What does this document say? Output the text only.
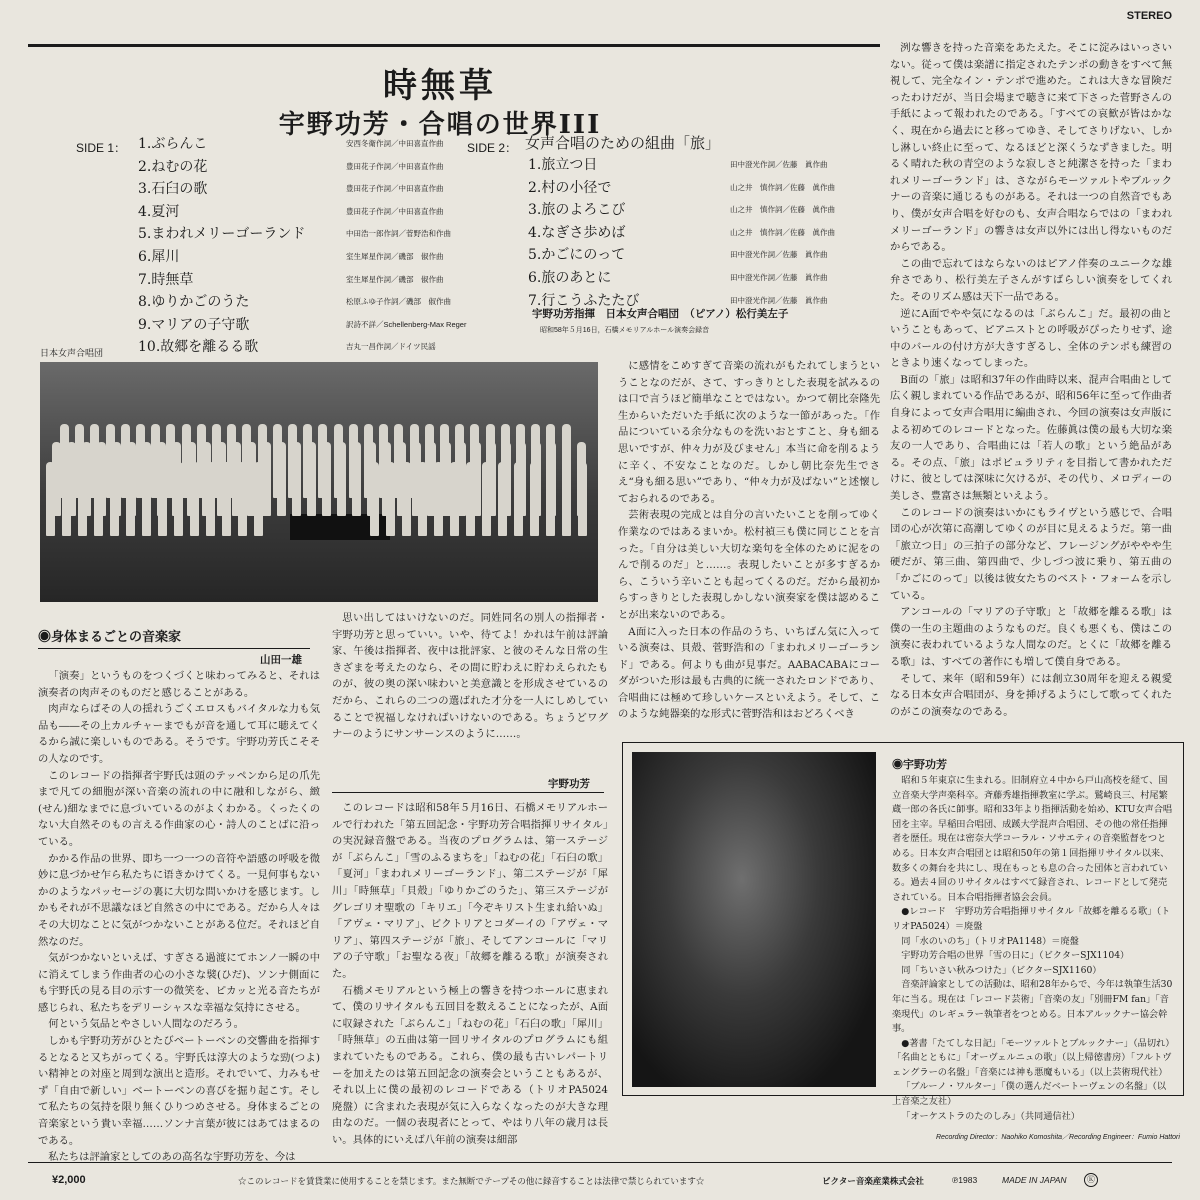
STEREO
時無草
宇野功芳・合唱の世界III
SIDE 1： 1.ぶらんこ	安西冬衛作詞／中田喜直作曲
2.ねむの花	豊田花子作詞／中田喜直作曲
3.石臼の歌	豊田花子作詞／中田喜直作曲
4.夏河	豊田花子作詞／中田喜直作曲
5.まわれメリーゴーランド	中田浩一郎作詞／菅野浩和作曲
6.犀川	室生犀星作詞／磯部　俶作曲
7.時無草	室生犀星作詞／磯部　俶作曲
8.ゆりかごのうた	松原ふゆ子作詞／磯部　俶作曲
9.マリアの子守歌	訳詩不詳／Schellenberg-Max Reger
10.故郷を離るる歌	吉丸一昌作詞／ドイツ民謡
SIDE 2： 女声合唱のための組曲「旅」
1.旅立つ日	田中澄光作詞／佐藤　眞作曲
2.村の小径で	山之井　慎作詞／佐藤　眞作曲
3.旅のよろこび	山之井　慎作詞／佐藤　眞作曲
4.なぎさ歩めば	山之井　慎作詞／佐藤　眞作曲
5.かごにのって	田中澄光作詞／佐藤　眞作曲
6.旅のあとに	田中澄光作詞／佐藤　眞作曲
7.行こうふたたび	田中澄光作詞／佐藤　眞作曲
宇野功芳指揮　日本女声合唱団　（ピアノ）松行美左子
昭和58年５月16日，石橋メモリアルホール演奏会録音
日本女声合唱団
◉身体まるごとの音楽家
山田一雄

「演奏」というものをつくづくと味わってみると、それは演奏者の肉声そのものだと感じることがある。

肉声ならばその人の揺れうごくエロスもバイタルな力も気品も――その上カルチャーまでもが音を通して耳に聴えてくるから誠に楽しいものである。そうです。宇野功芳氏こそその人なのです。

このレコードの指揮者宇野氏は頭のテッペンから足の爪先まで凡ての細胞が深い音楽の流れの中に融和しながら、緻(せん)細なまでに息づいているのがよくわかる。くったくのない大自然そのもの言える作曲家の心・詩人のことばに沿っている。

かかる作品の世界、即ち一つ一つの音符や語感の呼吸を微妙に息づかせ乍ら私たちに语きかけてくる。一見何事もないかのようなパッセージの裏に大切な問いかけを感じます。しかもそれが不思議なほど自然さの中にである。だから人々はその大切なことに気がつかないことがある位だ。それほど自然なのだ。

気がつかないといえば、すぎさる過渡にてホンノ一瞬の中に消えてしまう作曲者の心の小さな襞(ひだ)、ソンナ側面にも宇野氏の見る目の示す一の微笑を、ピカッと光る音たちが感じられ、私たちをデリーシャスな幸福な気持にさせる。

何という気品とやさしい人間なのだろう。

しかも宇野功芳がひとたびベートーベンの交響曲を指揮するとなると又ちがってくる。宇野氏は淳大のような勁(つよ)い精神との対座と周到な演出と造形。それでいて、力みもせず「自由で新しい」ベートーベンの喜びを掘り起こす。そして私たちの気持を限り無くひりつめさせる。身体まるごとの音楽家という貴い幸福……ソンナ言葉が彼にはあてはまるのである。

私たちは評論家としてのあの高名な宇野功芳を、今は

思い出してはいけないのだ。同姓同名の別人の指揮者・宇野功芳と思っていい。いや、待てよ！かれは午前は評論家、午後は指揮者、夜中は批評家、と彼のそんな日常の生きざまを考えたのなら、その間に貯わえに貯わえられたものが、彼の奥の深い味わいと美意識とを形成させているのだから、これらの二つの選ばれた才分を一人にしめしていることで祝福しなければいけないのである。ちょうどワグナーのようにサンサーンスのように……。

宇野功芳

このレコードは昭和58年５月16日、石橋メモリアルホールで行われた「第五回記念・宇野功芳合唱指揮リサイタル」の実況録音盤である。当夜のプログラムは、第一ステージが「ぶらんこ」「雪のふるまちを」「ねむの花」「石臼の歌」「夏河」「まわれメリーゴーランド」、第二ステージが「犀川」「時無草」「貝殻」「ゆりかごのうた」、第三ステージがグレゴリオ聖歌の「キリエ」「今ぞキリスト生まれ給いぬ」「アヴェ・マリア」、ビクトリアとコダーイの「アヴェ・マリア」、第四ステージが「旅」、そしてアンコールに「マリアの子守歌」「お聖なる夜」「故郷を離るる歌」が演奏された。

石橋メモリアルという極上の響きを持つホールに恵まれて、僕のリサイタルも五回目を数えることになったが、A面に収録された「ぶらんこ」「ねむの花」「石臼の歌」「犀川」「時無草」の五曲は第一回リサイタルのプログラムにも組まれていたものである。これら、僕の最も古いレパートリーを加えたのは第五回記念の演奏会ということもあるが、それ以上に僕の最初のレコードである（トリオPA5024　廃盤）に含まれた表現が気に入らなくなったのが大きな理由なのだ。一個の表現者にとって、やはり八年の歳月は長い。具体的にいえば八年前の演奏は細部

に感情をこめすぎて音楽の流れがもたれてしまうということなのだが、さて、すっきりとした表現を試みるのは口で言うほど簡単なことではない。かつて朝比奈隆先生からいただいた手紙に次のような一節があった。「作品についている余分なものを洗いおとすこと、身も細る思いですが、仲々力が及びません」本当に命を削るように辛く、不安なことなのだ。しかし朝比奈先生でさえ“身も細る思い”であり、“仲々力が及ばない”と述懐しておられるのである。

芸術表現の完成とは自分の言いたいことを削ってゆく作業なのではあるまいか。松村禎三も僕に同じことを言った。「自分は美しい大切な楽句を全体のために泥をのんで削るのだ」と……。表現したいことが多すぎるから、こういう辛いことも起ってくるのだ。だから最初からすっきりとした表現しかしない演奏家を僕は認めることが出来ないのである。

A面に入った日本の作品のうち、いちばん気に入っている演奏は、貝殻、菅野浩和の「まわれメリーゴーランド」である。何よりも曲が見事だ。AABACABAにコーダがついた形は最も古典的に統一されたロンドであり、合唱曲には極めて珍しいケースといえよう。そして、このような純器楽的な形式に菅野浩和はおどろくべき

洌な響きを持った音楽をあたえた。そこに淀みはいっさいない。従って僕は楽譜に指定されたテンポの動きをすべて無視して、完全なイン・テンポで進めた。これは大きな冒険だったわけだが、当日会場まで聴きに来て下さった菅野さんの手紙によって報われたのである。「すべての哀歓が皆はかなく、現在から過去にと移ってゆき、そしてさりげない、しかし淋しい終止に至って、なるほどと深くうなずきました。明るく晴れた秋の青空のような寂しさと純潔さを持った「まわれメリーゴーランド」は、さながらモーツァルトやブルックナーの音楽に通じるものがある。それは一つの自然音でもあり、僕が女声合唱を好むのも、女声合唱ならではの「まわれメリーゴーランド」の響きは女声以外には出し得ないものだからである。

この曲で忘れてはならないのはピアノ伴奏のユニークな雄弁さであり、松行美左子さんがすばらしい演奏をしてくれた。そのリズム感は天下一品である。

逆にA面でやや気になるのは「ぶらんこ」だ。最初の曲ということもあって、ピアニストとの呼吸がぴったりせず、途中のバールの付け方が大きすぎるし、全体のテンポも練習のときより速くなってしまった。

B面の「旅」は昭和37年の作曲時以来、混声合唱曲として広く親しまれている作品であるが、昭和56年に至って作曲者自身によって女声合唱用に編曲され、今回の演奏は女声版による初めてのレコードとなった。佐藤眞は僕の最も大切な楽友の一人であり、合唱曲には「若人の歌」という絶品がある。その点、「旅」はポピュラリティを目指して書かれただけに、彼としては深味に欠けるが、その代り、メロディーの美しさ、豊富さは無類といえよう。

このレコードの演奏はいかにもライヴという感じで、合唱団の心が次第に高潮してゆくのが目に見えるようだ。第一曲「旅立つ日」の三拍子の部分など、フレージングがややや生硬だが、第三曲、第四曲で、少しづつ波に乗り、第五曲の「かごにのって」以後は彼女たちのベスト・フォームを示している。

アンコールの「マリアの子守歌」と「故郷を離るる歌」は僕の一生の主題曲のようなものだ。良くも悪くも、僕はこの演奏に表われているような人間なのだ。とくに「故郷を離るる歌」は、すべての著作にも増して僕自身である。

そして、来年（昭和59年）には創立30周年を迎える親愛なる日本女声合唱団が、身を挿げるようにして歌ってくれたのがこの演奏なのである。

◉宇野功芳

昭和５年東京に生まれる。旧制府立４中から戸山高校を経て、国立音楽大学声楽科卒。斉藤秀雄指揮教室に学ぶ。鷲崎良三、村尾繁蔵一郎の各氏に師事。昭和33年より指揮活動を始め、KTU女声合唱団を主宰。早稲田合唱団、成蹊大学混声合唱団、その他の常任指揮者を歴任。現在は密奈大学コーラル・ソサエティの音楽監督をつとめる。日本女声合唱団とは昭和50年の第１回指揮リサイタル以来、数多くの舞台を共にし、現在もっとも息の合った団体と言われている。過去４回のリサイタルはすべて録音され、レコードとして発売されている。日本合唱指揮者協会会員。

●レコード　宇野功芳合唱指揮リサイタル「故郷を離るる歌」（トリオPA5024）＝廃盤

同「水のいのち」（トリオPA1148）＝廃盤

宇野功芳合唱の世界「雪の日に」（ビクターSJX1104）

同「ちいさい秋みつけた」（ビクターSJX1160）

音楽評論家としての活動は、昭和28年からで、今年は執筆生活30年に当る。現在は「レコード芸術」「音楽の友」「別冊FM fan」「音楽現代」のレギュラー執筆者をつとめる。日本アルックナー協会幹事。

●著書「たてしな日記」「モーツァルトとブルックナー」（品切れ）「名曲とともに」「オーヴェルニュの歌」（以上帰徳書房）「フルトヴェングラーの名盤」「音楽には神も悪魔もいる」（以上芸術現代社）

「ブルーノ・ワルター」「僕の選んだベートーヴェンの名盤」（以上音楽之友社）

「オーケストラのたのしみ」（共同通信社）

Recording Director：Naohiko Komoshita／Recording Engineer：Fumio Hattori
¥2,000	☆このレコードを賃貸業に使用することを禁じます。また無断でテープその他に録音することは法律で禁じられています☆	ビクター音楽産業株式会社	℗1983	MADE IN JAPAN	Ⓚ
